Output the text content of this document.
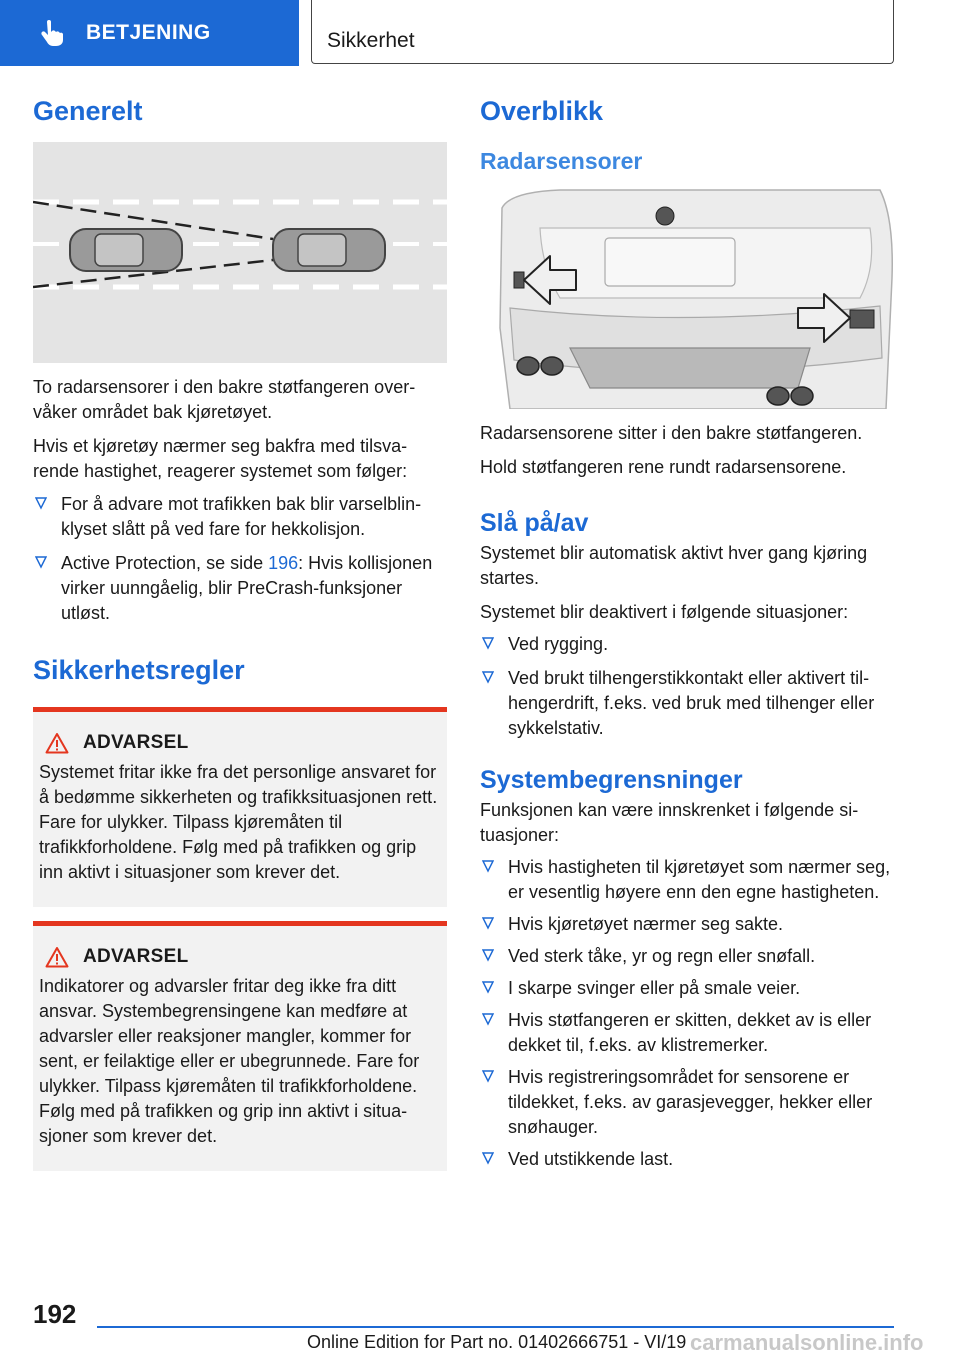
BETJENING	Sikkerhet
Generelt

To radarsensorer i den bakre støtfangeren overvåker området bak kjøretøyet.

Hvis et kjøretøy nærmer seg bakfra med tilsvarende hastighet, reagerer systemet som følger:

For å advare mot trafikken bak blir varselblinklyset slått på ved fare for hekkolisjon.
Active Protection, se side 196: Hvis kollisjonen virker uunngåelig, blir PreCrash-funksjoner utløst.
Sikkerhetsregler
ADVARSEL

Systemet fritar ikke fra det personlige ansvaret for å bedømme sikkerheten og trafikksituasjonen rett. Fare for ulykker. Tilpass kjøremåten til trafikkforholdene. Følg med på trafikken og grip inn aktivt i situasjoner som krever det.

ADVARSEL

Indikatorer og advarsler fritar deg ikke fra ditt ansvar. Systembegrensingene kan medføre at advarsler eller reaksjoner mangler, kommer for sent, er feilaktige eller er ubegrunnede. Fare for ulykker. Tilpass kjøremåten til trafikkforholdene. Følg med på trafikken og grip inn aktivt i situasjoner som krever det.

Overblikk
Radarsensorer

Radarsensorene sitter i den bakre støtfangeren.

Hold støtfangeren rene rundt radarsensorene.

Slå på/av

Systemet blir automatisk aktivt hver gang kjøring startes.

Systemet blir deaktivert i følgende situasjoner:

Ved rygging.
Ved brukt tilhengerstikkontakt eller aktivert tilhengerdrift, f.eks. ved bruk med tilhenger eller sykkelstativ.
Systembegrensninger

Funksjonen kan være innskrenket i følgende situasjoner:

Hvis hastigheten til kjøretøyet som nærmer seg, er vesentlig høyere enn den egne hastigheten.
Hvis kjøretøyet nærmer seg sakte.
Ved sterk tåke, yr og regn eller snøfall.
I skarpe svinger eller på smale veier.
Hvis støtfangeren er skitten, dekket av is eller dekket til, f.eks. av klistremerker.
Hvis registreringsområdet for sensorene er tildekket, f.eks. av garasjevegger, hekker eller snøhauger.
Ved utstikkende last.
192
Online Edition for Part no. 01402666751 - VI/19 carmanualsonline.info
